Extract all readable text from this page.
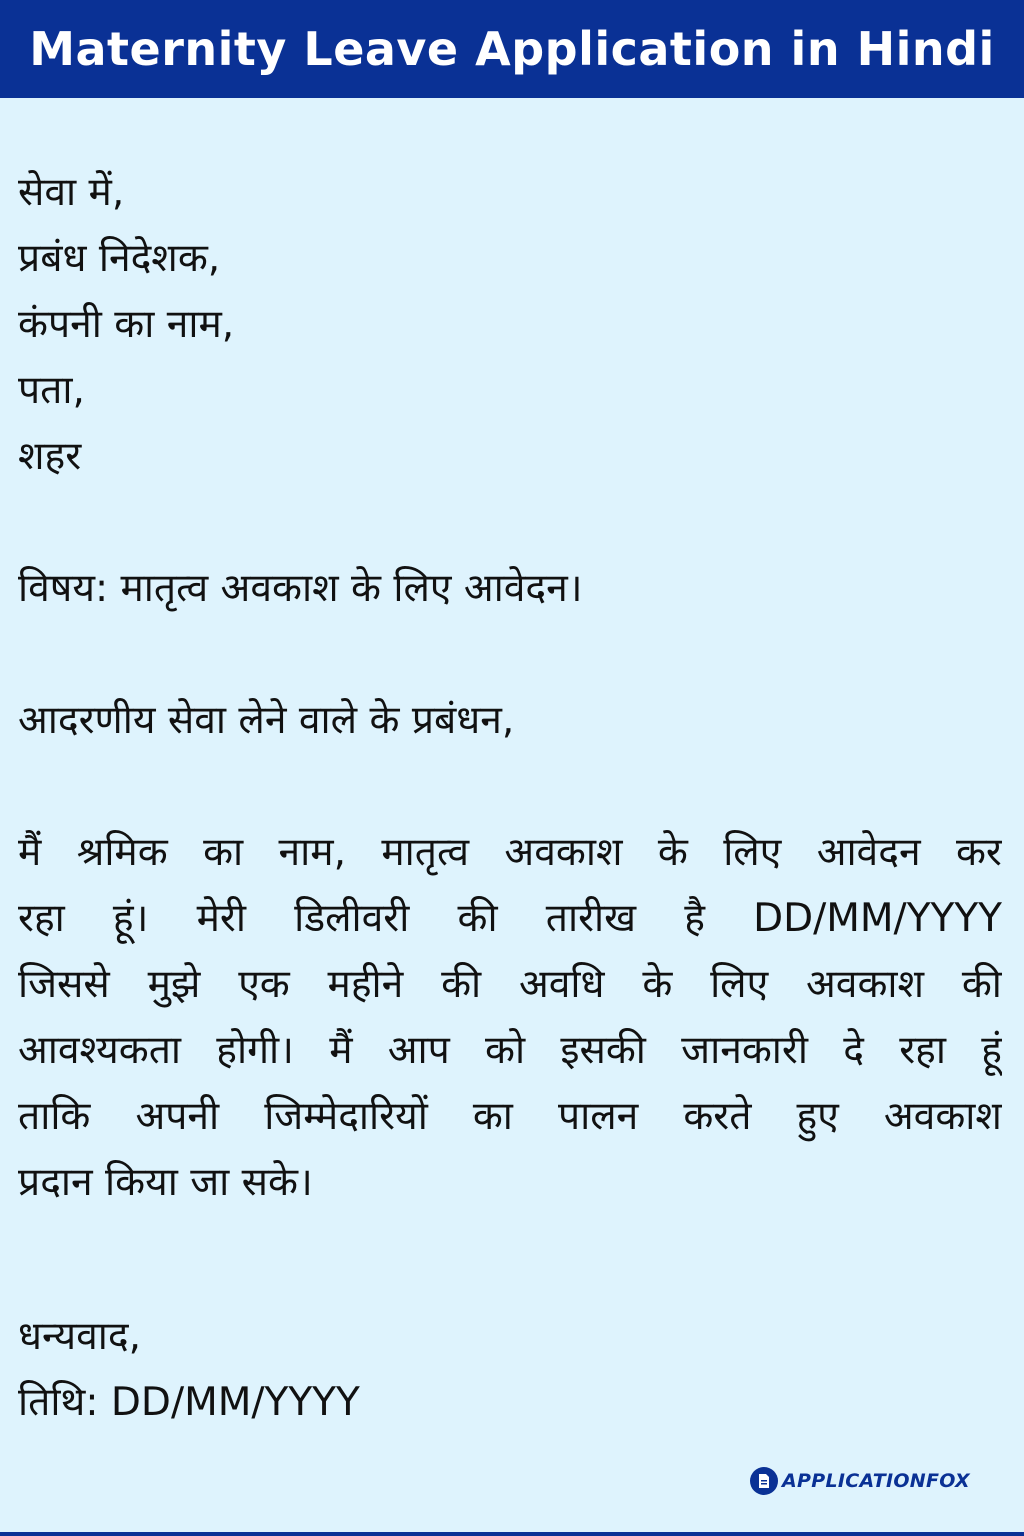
Maternity Leave Application in Hindi
सेवा में,
प्रबंध निदेशक,
कंपनी का नाम,
पता,
शहर
विषय: मातृत्व अवकाश के लिए आवेदन।
आदरणीय सेवा लेने वाले के प्रबंधन,
मैं श्रमिक का नाम, मातृत्व अवकाश के लिए आवेदन कर
रहा हूं। मेरी डिलीवरी की तारीख है DD/MM/YYYY
जिससे मुझे एक महीने की अवधि के लिए अवकाश की
आवश्यकता होगी। मैं आप को इसकी जानकारी दे रहा हूं
ताकि अपनी जिम्मेदारियों का पालन करते हुए अवकाश
प्रदान किया जा सके।
धन्यवाद,
तिथि: DD/MM/YYYY
APPLICATIONFOX
